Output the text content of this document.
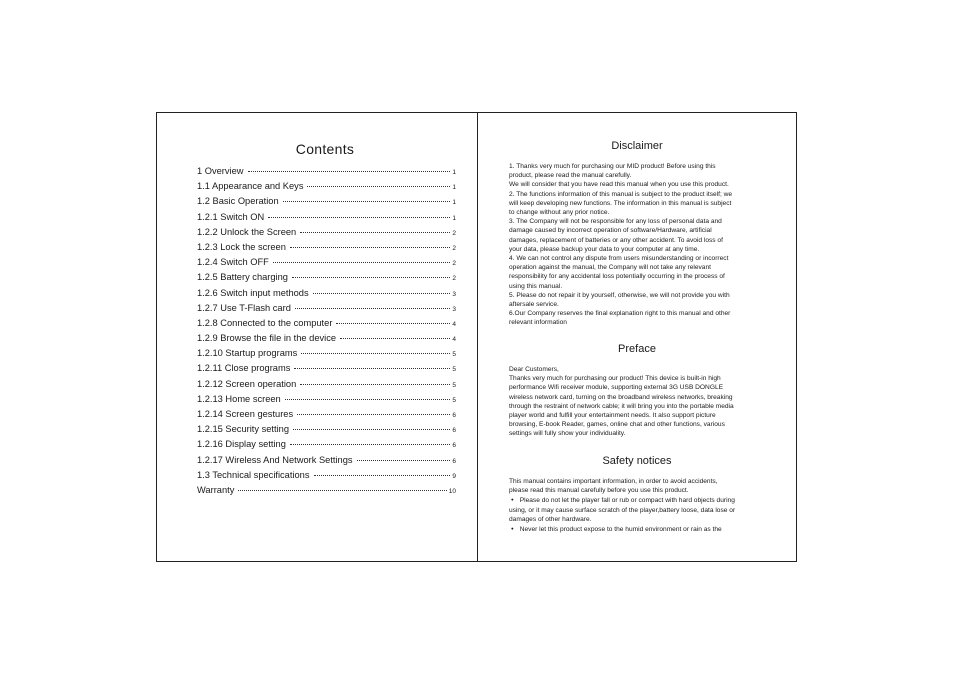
Contents
1 Overview	1
1.1 Appearance and Keys	1
1.2 Basic Operation	1
1.2.1 Switch ON	1
1.2.2 Unlock the Screen	2
1.2.3 Lock the screen	2
1.2.4 Switch OFF	2
1.2.5 Battery charging	2
1.2.6 Switch input methods	3
1.2.7 Use T-Flash card	3
1.2.8 Connected to the computer	4
1.2.9 Browse the file in the device	4
1.2.10 Startup programs	5
1.2.11 Close programs	5
1.2.12 Screen operation	5
1.2.13 Home screen	5
1.2.14 Screen gestures	6
1.2.15 Security setting	6
1.2.16 Display setting	6
1.2.17 Wireless And Network Settings	6
1.3 Technical specifications	9
Warranty	10
Disclaimer

1. Thanks very much for purchasing our MID product! Before using this

product, please read the manual carefully.

We will consider that you have read this manual when you use this product.

2. The functions information of this manual is subject to the product itself; we

will keep developing new functions. The information in this manual is subject

to change without any prior notice.

3. The Company will not be responsible for any loss of personal data and

damage caused by incorrect operation of software/Hardware, artificial

damages, replacement of batteries or any other accident. To avoid loss of

your data, please backup your data to your computer at any time.

4. We can not control any dispute from users misunderstanding or incorrect

operation against the manual, the Company will not take any relevant

responsibility for any accidental loss potentially occurring in the process of

using this manual.

5. Please do not repair it by yourself, otherwise, we will not provide you with

aftersale service.

6.Our Company reserves the final explanation right to this manual and other

relevant information

Preface

Dear Customers,

Thanks very much for purchasing our product! This device is built-in high

performance Wifi receiver module, supporting external 3G USB DONGLE

wireless network card, turning on the broadband wireless networks, breaking

through the restraint of network cable; it will bring you into the portable media

player world and fulfill your entertainment needs. It also support picture

browsing, E-book Reader, games, online chat and other functions, various

settings will fully show your individuality.

Safety notices

This manual contains important information, in order to avoid accidents,

please read this manual carefully before you use this product.

● Please do not let the player fall or rub or compact with hard objects during

using, or it may cause surface scratch of the player,battery loose, data lose or

damages of other hardware.

● Never let this product expose to the humid environment or rain as the
